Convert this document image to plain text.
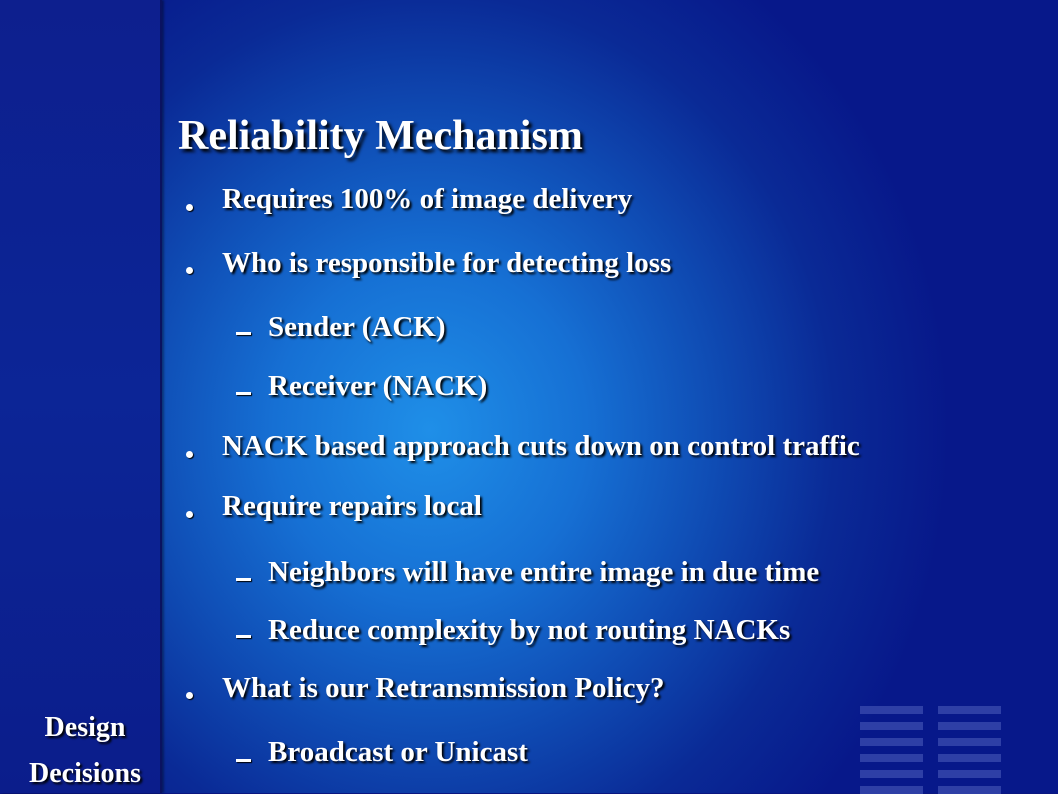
Reliability Mechanism
Requires 100% of image delivery
Who is responsible for detecting loss
Sender (ACK)
Receiver (NACK)
NACK based approach cuts down on control traffic
Require repairs local
Neighbors will have entire image in due time
Reduce complexity by not routing NACKs
What is our Retransmission Policy?
Broadcast or Unicast
Design
Decisions
